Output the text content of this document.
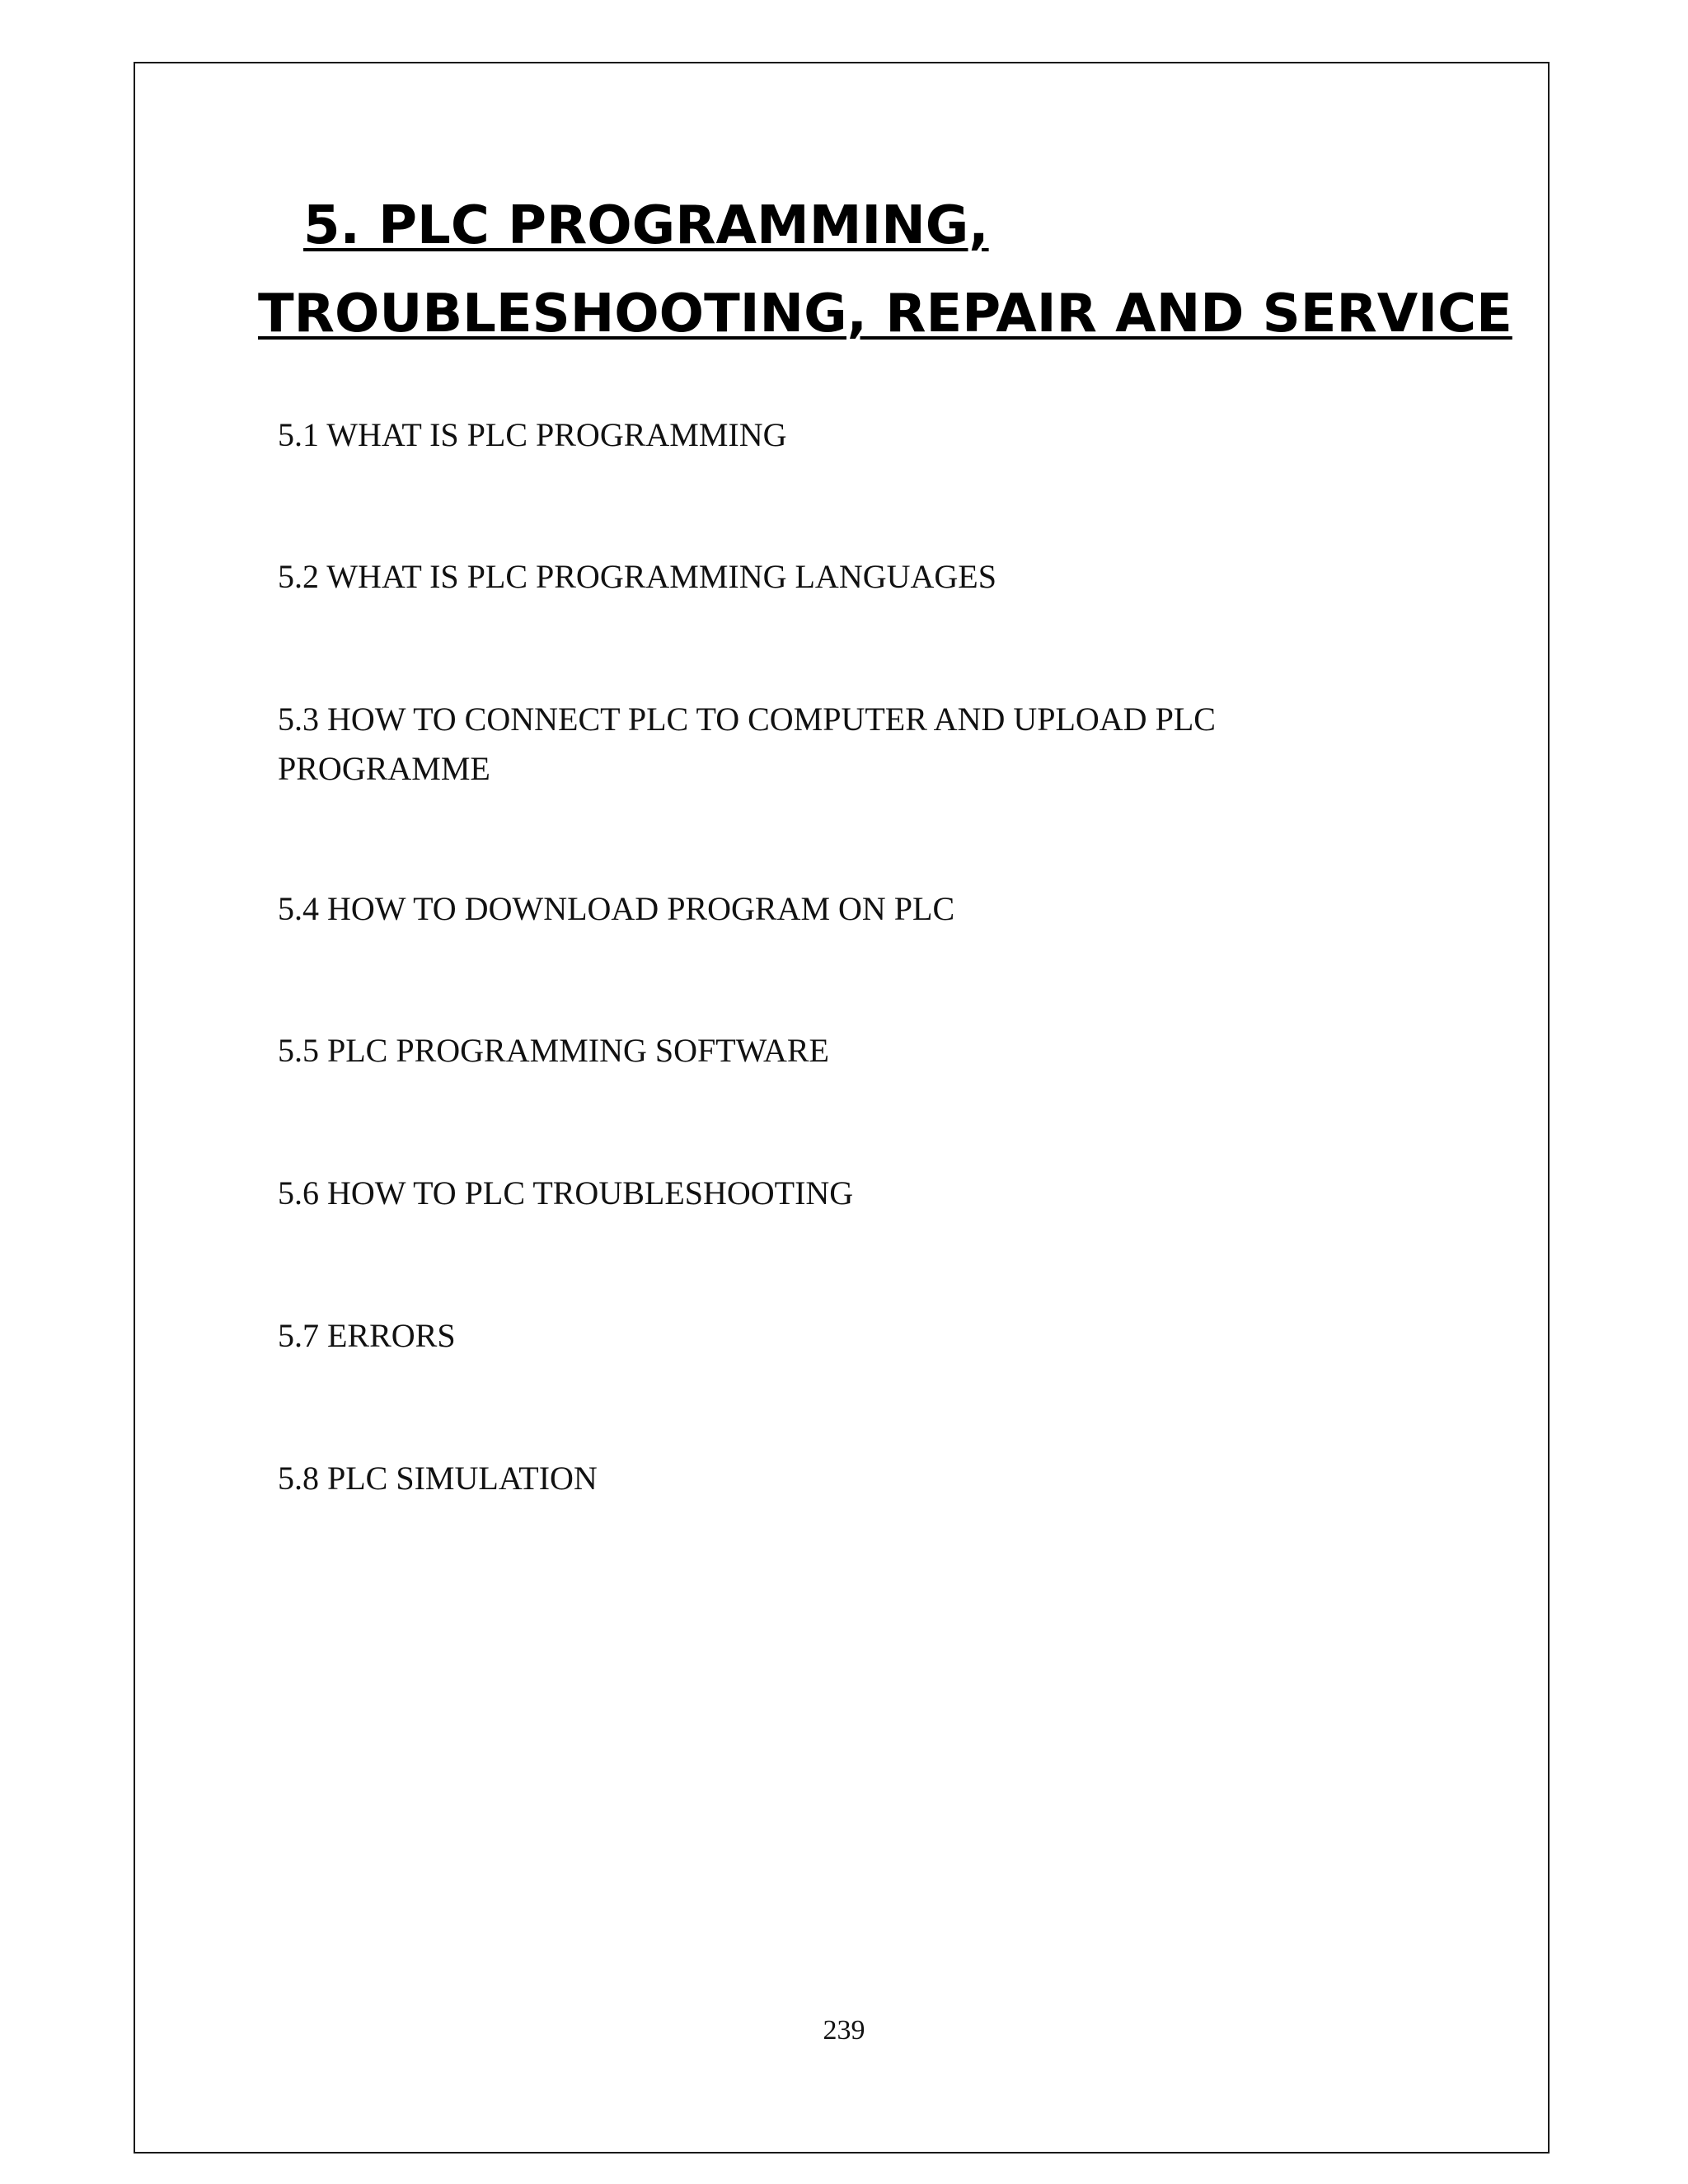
5. PLC PROGRAMMING,
TROUBLESHOOTING, REPAIR AND SERVICE

5.1 WHAT IS PLC PROGRAMMING

5.2 WHAT IS PLC PROGRAMMING LANGUAGES

5.3 HOW TO CONNECT PLC TO COMPUTER AND UPLOAD PLC PROGRAMME

5.4 HOW TO DOWNLOAD PROGRAM ON PLC

5.5 PLC PROGRAMMING SOFTWARE

5.6 HOW TO PLC TROUBLESHOOTING

5.7 ERRORS

5.8 PLC SIMULATION

239
